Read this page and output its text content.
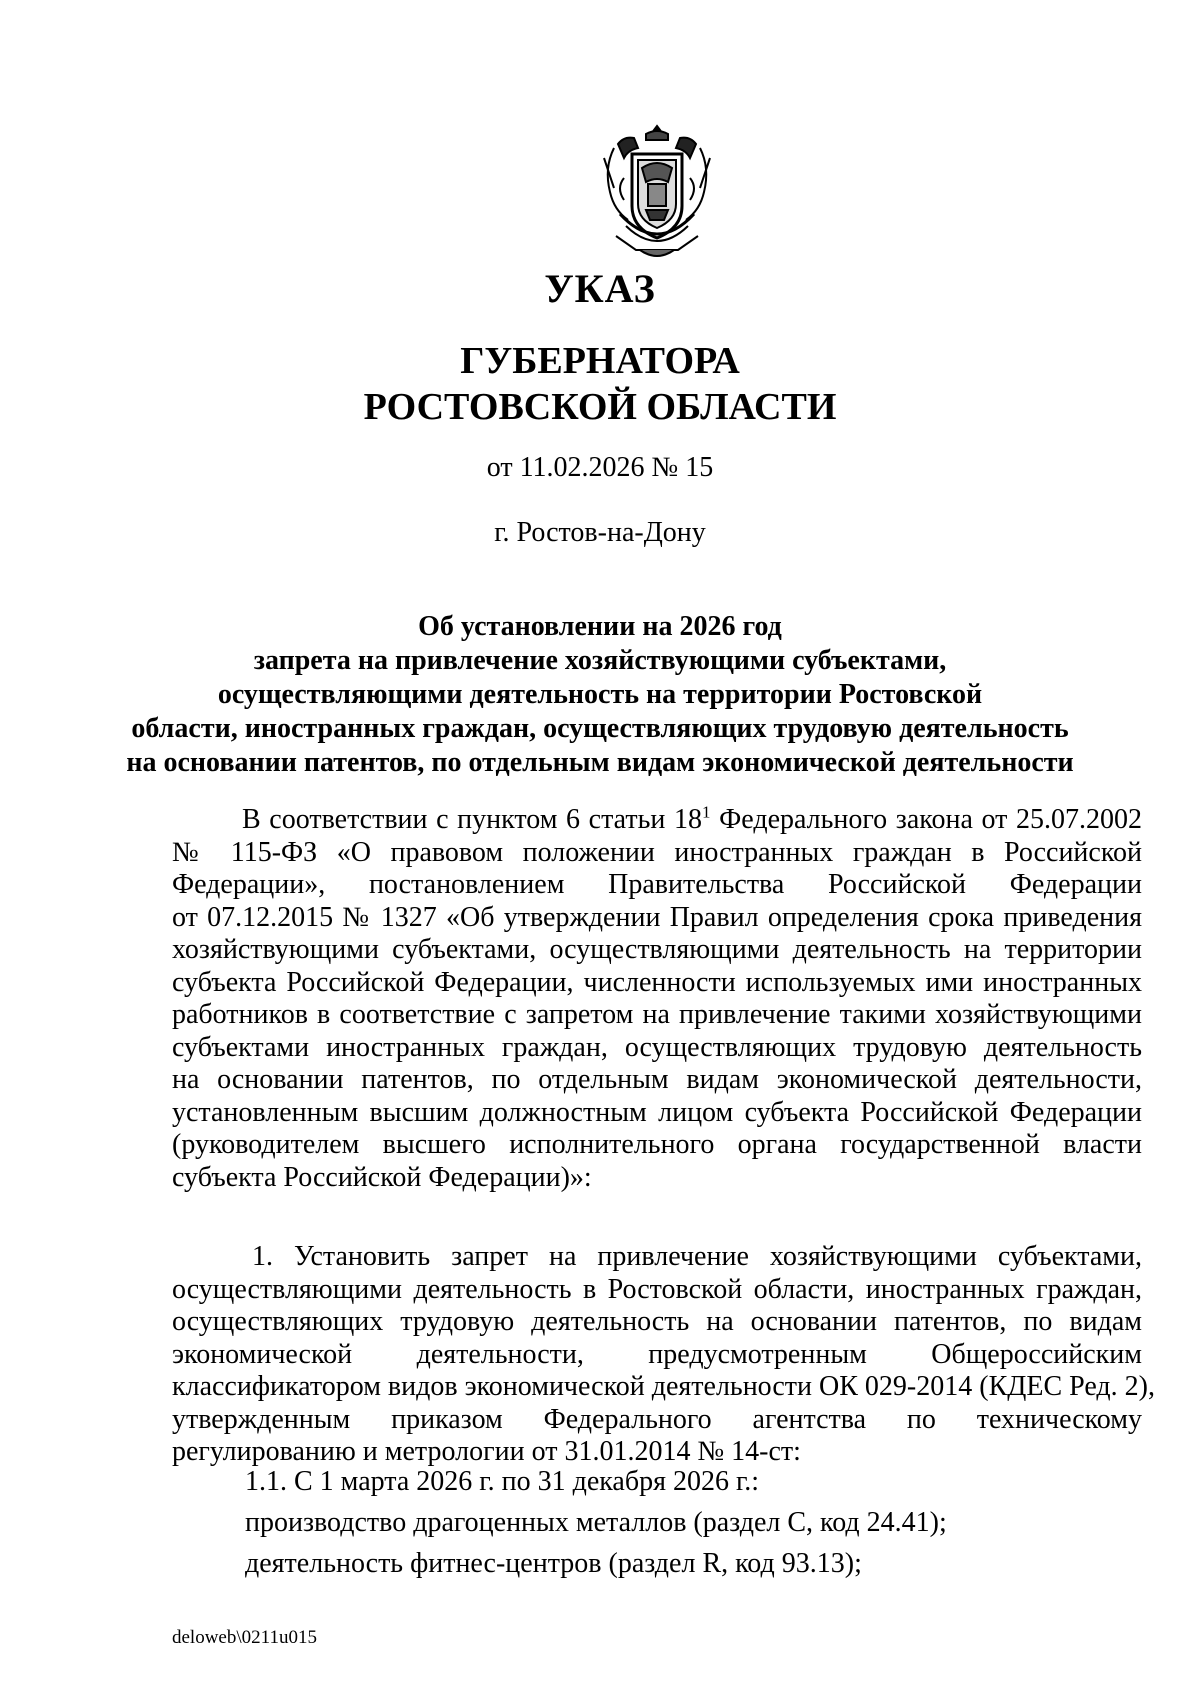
УКАЗ
ГУБЕРНАТОРА
РОСТОВСКОЙ ОБЛАСТИ
от 11.02.2026 № 15
г. Ростов-на-Дону
Об установлении на 2026 год
запрета на привлечение хозяйствующими субъектами,
осуществляющими деятельность на территории Ростовской
области, иностранных граждан, осуществляющих трудовую деятельность
на основании патентов, по отдельным видам экономической деятельности
В соответствии с пунктом 6 статьи $18^1$ Федерального закона от 25.07.2002
№ 115-ФЗ «О правовом положении иностранных граждан в Российской
Федерации», постановлением Правительства Российской Федерации
от 07.12.2015 № 1327 «Об утверждении Правил определения срока приведения
хозяйствующими субъектами, осуществляющими деятельность на территории
субъекта Российской Федерации, численности используемых ими иностранных
работников в соответствие с запретом на привлечение такими хозяйствующими
субъектами иностранных граждан, осуществляющих трудовую деятельность
на основании патентов, по отдельным видам экономической деятельности,
установленным высшим должностным лицом субъекта Российской Федерации
(руководителем высшего исполнительного органа государственной власти
субъекта Российской Федерации)»:
1. Установить запрет на привлечение хозяйствующими субъектами,
осуществляющими деятельность в Ростовской области, иностранных граждан,
осуществляющих трудовую деятельность на основании патентов, по видам
экономической деятельности, предусмотренным Общероссийским
классификатором видов экономической деятельности ОК 029-2014 (КДЕС Ред. 2),
утвержденным приказом Федерального агентства по техническому
регулированию и метрологии от 31.01.2014 № 14-ст:
1.1. С 1 марта 2026 г. по 31 декабря 2026 г.:
производство драгоценных металлов (раздел С, код 24.41);
деятельность фитнес-центров (раздел R, код 93.13);
deloweb\0211u015
